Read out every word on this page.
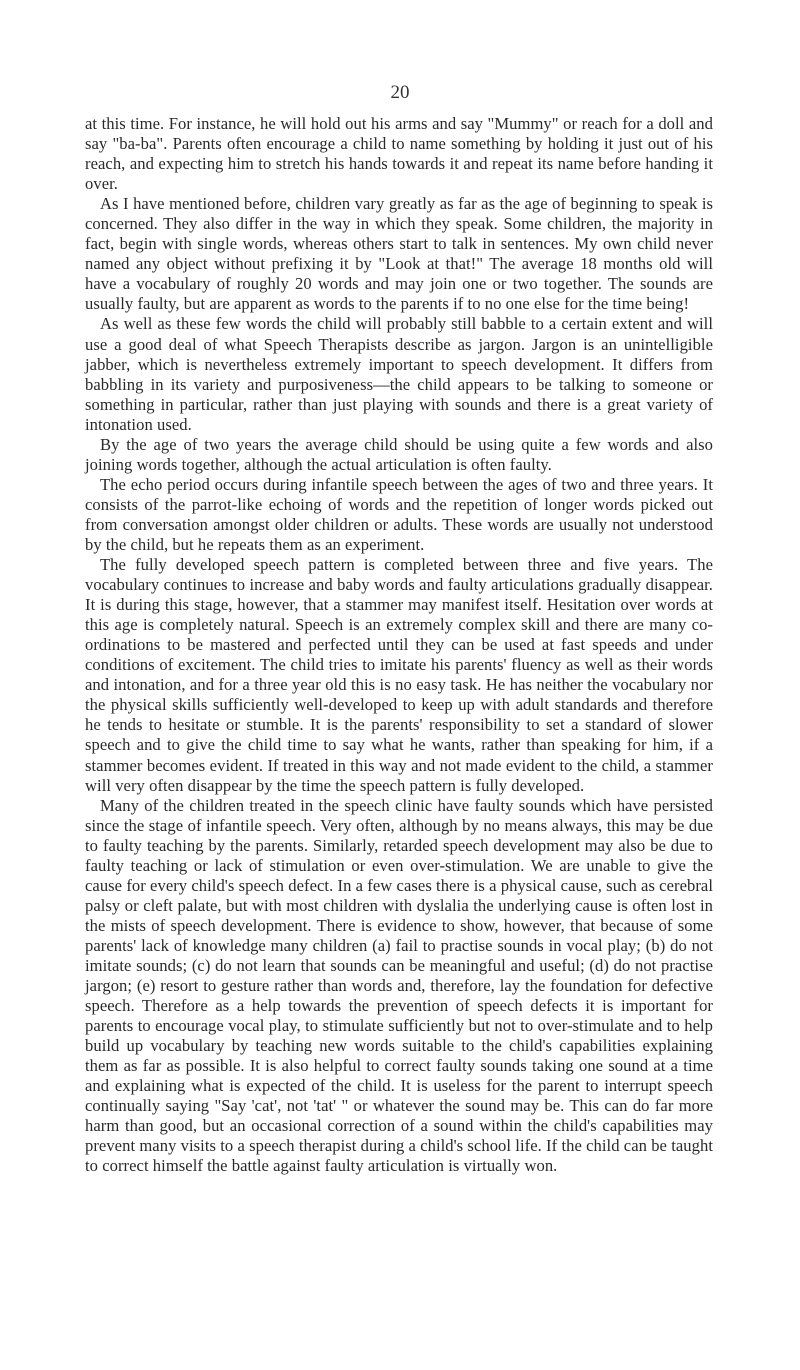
20

at this time. For instance, he will hold out his arms and say "Mummy" or reach for a doll and say "ba-ba". Parents often encourage a child to name something by holding it just out of his reach, and expecting him to stretch his hands towards it and repeat its name before handing it over.

As I have mentioned before, children vary greatly as far as the age of beginning to speak is concerned. They also differ in the way in which they speak. Some children, the majority in fact, begin with single words, whereas others start to talk in sentences. My own child never named any object without prefixing it by "Look at that!" The average 18 months old will have a vocabulary of roughly 20 words and may join one or two together. The sounds are usually faulty, but are apparent as words to the parents if to no one else for the time being!

As well as these few words the child will probably still babble to a certain extent and will use a good deal of what Speech Therapists describe as jargon. Jargon is an unintelligible jabber, which is nevertheless extremely important to speech development. It differs from babbling in its variety and purposiveness—the child appears to be talking to someone or something in particular, rather than just playing with sounds and there is a great variety of intonation used.

By the age of two years the average child should be using quite a few words and also joining words together, although the actual articulation is often faulty.

The echo period occurs during infantile speech between the ages of two and three years. It consists of the parrot-like echoing of words and the repetition of longer words picked out from conversation amongst older children or adults. These words are usually not understood by the child, but he repeats them as an experiment.

The fully developed speech pattern is completed between three and five years. The vocabulary continues to increase and baby words and faulty articulations gradually disappear. It is during this stage, however, that a stammer may manifest itself. Hesitation over words at this age is completely natural. Speech is an extremely complex skill and there are many co-ordinations to be mastered and perfected until they can be used at fast speeds and under conditions of excitement. The child tries to imitate his parents' fluency as well as their words and intonation, and for a three year old this is no easy task. He has neither the vocabulary nor the physical skills sufficiently well-developed to keep up with adult standards and therefore he tends to hesitate or stumble. It is the parents' responsibility to set a standard of slower speech and to give the child time to say what he wants, rather than speaking for him, if a stammer becomes evident. If treated in this way and not made evident to the child, a stammer will very often disappear by the time the speech pattern is fully developed.

Many of the children treated in the speech clinic have faulty sounds which have persisted since the stage of infantile speech. Very often, although by no means always, this may be due to faulty teaching by the parents. Similarly, retarded speech development may also be due to faulty teaching or lack of stimulation or even over-stimulation. We are unable to give the cause for every child's speech defect. In a few cases there is a physical cause, such as cerebral palsy or cleft palate, but with most children with dyslalia the underlying cause is often lost in the mists of speech development. There is evidence to show, however, that because of some parents' lack of knowledge many children (a) fail to practise sounds in vocal play; (b) do not imitate sounds; (c) do not learn that sounds can be meaningful and useful; (d) do not practise jargon; (e) resort to gesture rather than words and, therefore, lay the foundation for defective speech. Therefore as a help towards the prevention of speech defects it is important for parents to encourage vocal play, to stimulate sufficiently but not to over-stimulate and to help build up vocabulary by teaching new words suitable to the child's capabilities explaining them as far as possible. It is also helpful to correct faulty sounds taking one sound at a time and explaining what is expected of the child. It is useless for the parent to interrupt speech continually saying "Say 'cat', not 'tat' " or whatever the sound may be. This can do far more harm than good, but an occasional correction of a sound within the child's capabilities may prevent many visits to a speech therapist during a child's school life. If the child can be taught to correct himself the battle against faulty articulation is virtually won.
